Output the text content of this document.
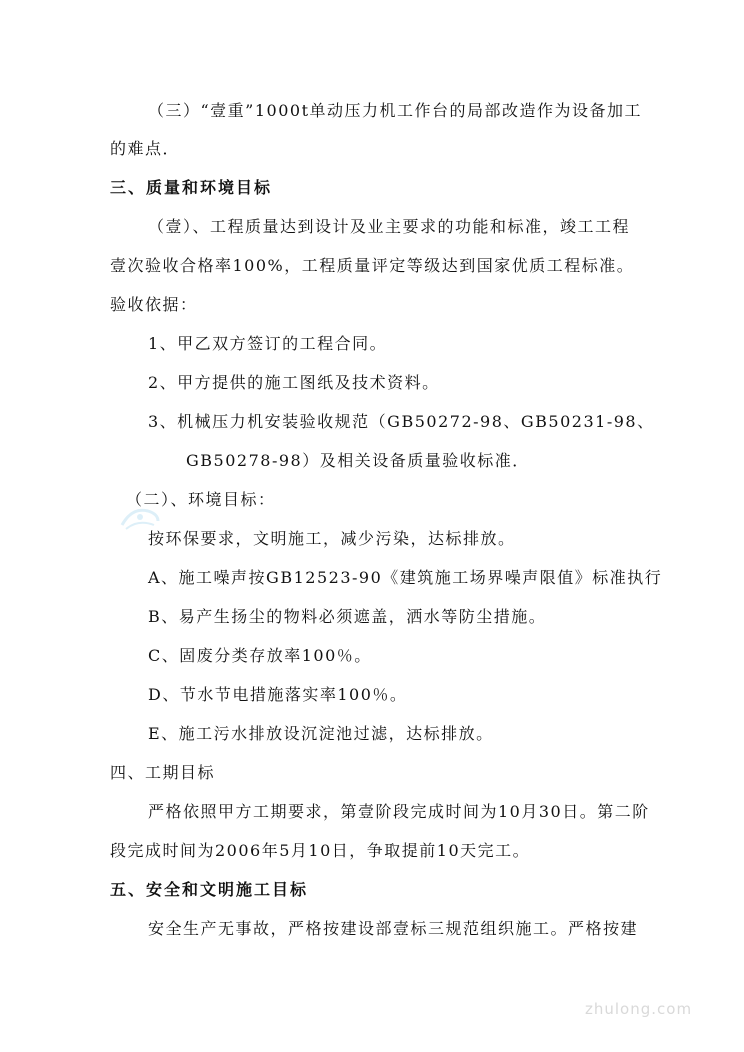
（三）“壹重”1000t单动压力机工作台的局部改造作为设备加工
的难点．
三、质量和环境目标
（壹）、工程质量达到设计及业主要求的功能和标准，竣工工程
壹次验收合格率100%，工程质量评定等级达到国家优质工程标准。
验收依据：
1、甲乙双方签订的工程合同。
2、甲方提供的施工图纸及技术资料。
3、机械压力机安装验收规范（GB50272-98、GB50231-98、
GB50278-98）及相关设备质量验收标准．
（二）、环境目标：
按环保要求，文明施工，减少污染，达标排放。
A、施工噪声按GB12523-90《建筑施工场界噪声限值》标准执行
B、易产生扬尘的物料必须遮盖，洒水等防尘措施。
C、固废分类存放率100％。
D、节水节电措施落实率100％。
E、施工污水排放设沉淀池过滤，达标排放。
四、工期目标
严格依照甲方工期要求，第壹阶段完成时间为10月30日。第二阶
段完成时间为2006年5月10日，争取提前10天完工。
五、安全和文明施工目标
安全生产无事故，严格按建设部壹标三规范组织施工。严格按建
zhulong.com
